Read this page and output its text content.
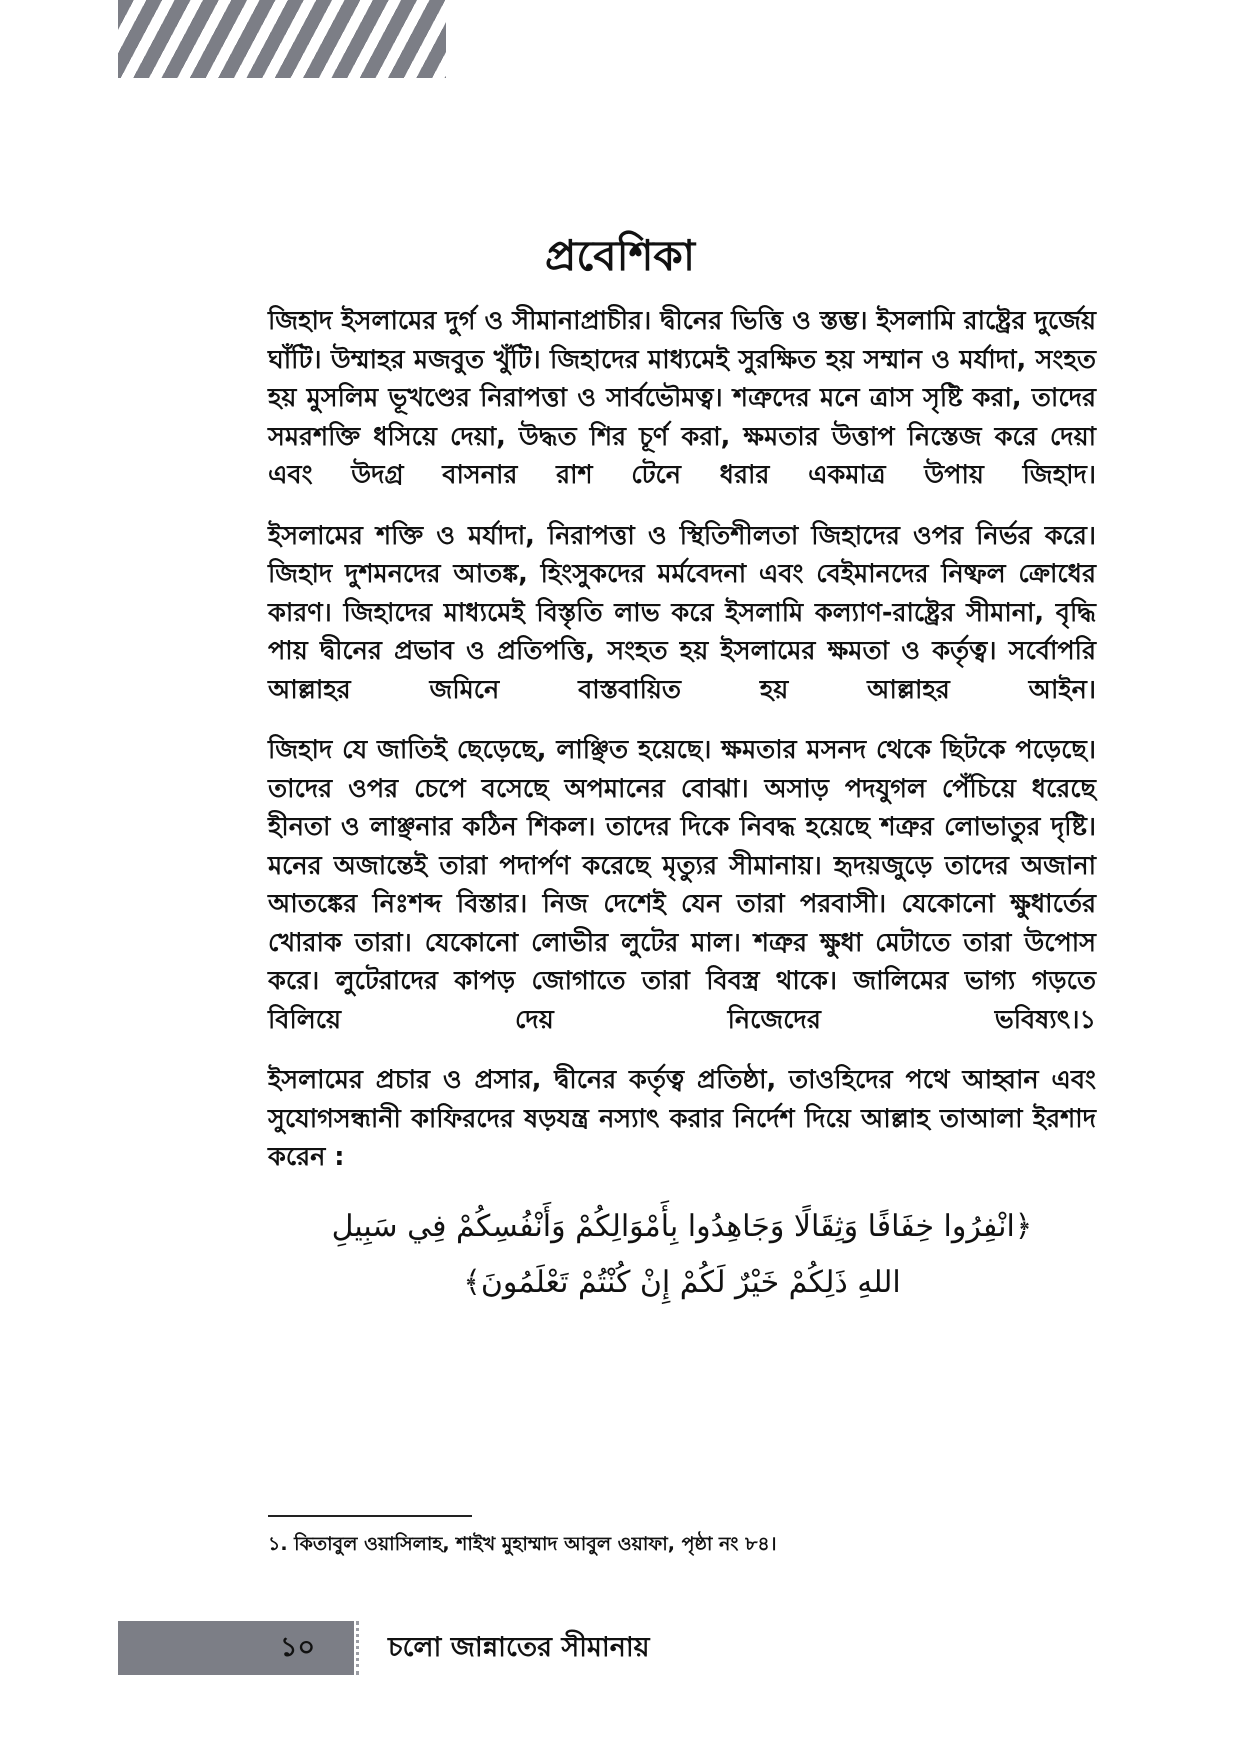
প্রবেশিকা

জিহাদ ইসলামের দুর্গ ও সীমানাপ্রাচীর। দ্বীনের ভিত্তি ও স্তম্ভ। ইসলামি রাষ্ট্রের দুর্জেয় ঘাঁটি। উম্মাহর মজবুত খুঁটি। জিহাদের মাধ্যমেই সুরক্ষিত হয় সম্মান ও মর্যাদা, সংহত হয় মুসলিম ভূখণ্ডের নিরাপত্তা ও সার্বভৌমত্ব। শত্রুদের মনে ত্রাস সৃষ্টি করা, তাদের সমরশক্তি ধসিয়ে দেয়া, উদ্ধত শির চূর্ণ করা, ক্ষমতার উত্তাপ নিস্তেজ করে দেয়া এবং উদগ্র বাসনার রাশ টেনে ধরার একমাত্র উপায় জিহাদ।

ইসলামের শক্তি ও মর্যাদা, নিরাপত্তা ও স্থিতিশীলতা জিহাদের ওপর নির্ভর করে। জিহাদ দুশমনদের আতঙ্ক, হিংসুকদের মর্মবেদনা এবং বেইমানদের নিষ্ফল ক্রোধের কারণ। জিহাদের মাধ্যমেই বিস্তৃতি লাভ করে ইসলামি কল্যাণ-রাষ্ট্রের সীমানা, বৃদ্ধি পায় দ্বীনের প্রভাব ও প্রতিপত্তি, সংহত হয় ইসলামের ক্ষমতা ও কর্তৃত্ব। সর্বোপরি আল্লাহর জমিনে বাস্তবায়িত হয় আল্লাহর আইন।

জিহাদ যে জাতিই ছেড়েছে, লাঞ্ছিত হয়েছে। ক্ষমতার মসনদ থেকে ছিটকে পড়েছে। তাদের ওপর চেপে বসেছে অপমানের বোঝা। অসাড় পদযুগল পেঁচিয়ে ধরেছে হীনতা ও লাঞ্ছনার কঠিন শিকল। তাদের দিকে নিবদ্ধ হয়েছে শত্রুর লোভাতুর দৃষ্টি। মনের অজান্তেই তারা পদার্পণ করেছে মৃত্যুর সীমানায়। হৃদয়জুড়ে তাদের অজানা আতঙ্কের নিঃশব্দ বিস্তার। নিজ দেশেই যেন তারা পরবাসী। যেকোনো ক্ষুধার্তের খোরাক তারা। যেকোনো লোভীর লুটের মাল। শত্রুর ক্ষুধা মেটাতে তারা উপোস করে। লুটেরাদের কাপড় জোগাতে তারা বিবস্ত্র থাকে। জালিমের ভাগ্য গড়তে বিলিয়ে দেয় নিজেদের ভবিষ্যৎ।১

ইসলামের প্রচার ও প্রসার, দ্বীনের কর্তৃত্ব প্রতিষ্ঠা, তাওহিদের পথে আহ্বান এবং সুযোগসন্ধানী কাফিরদের ষড়যন্ত্র নস্যাৎ করার নির্দেশ দিয়ে আল্লাহ তাআলা ইরশাদ করেন :

﴿انْفِرُوا خِفَافًا وَثِقَالًا وَجَاهِدُوا بِأَمْوَالِكُمْ وَأَنْفُسِكُمْ فِي سَبِيلِ
اللهِ ذَلِكُمْ خَيْرٌ لَكُمْ إِنْ كُنْتُمْ تَعْلَمُونَ﴾
১. কিতাবুল ওয়াসিলাহ, শাইখ মুহাম্মাদ আবুল ওয়াফা, পৃষ্ঠা নং ৮৪।
১০	চলো জান্নাতের সীমানায়
